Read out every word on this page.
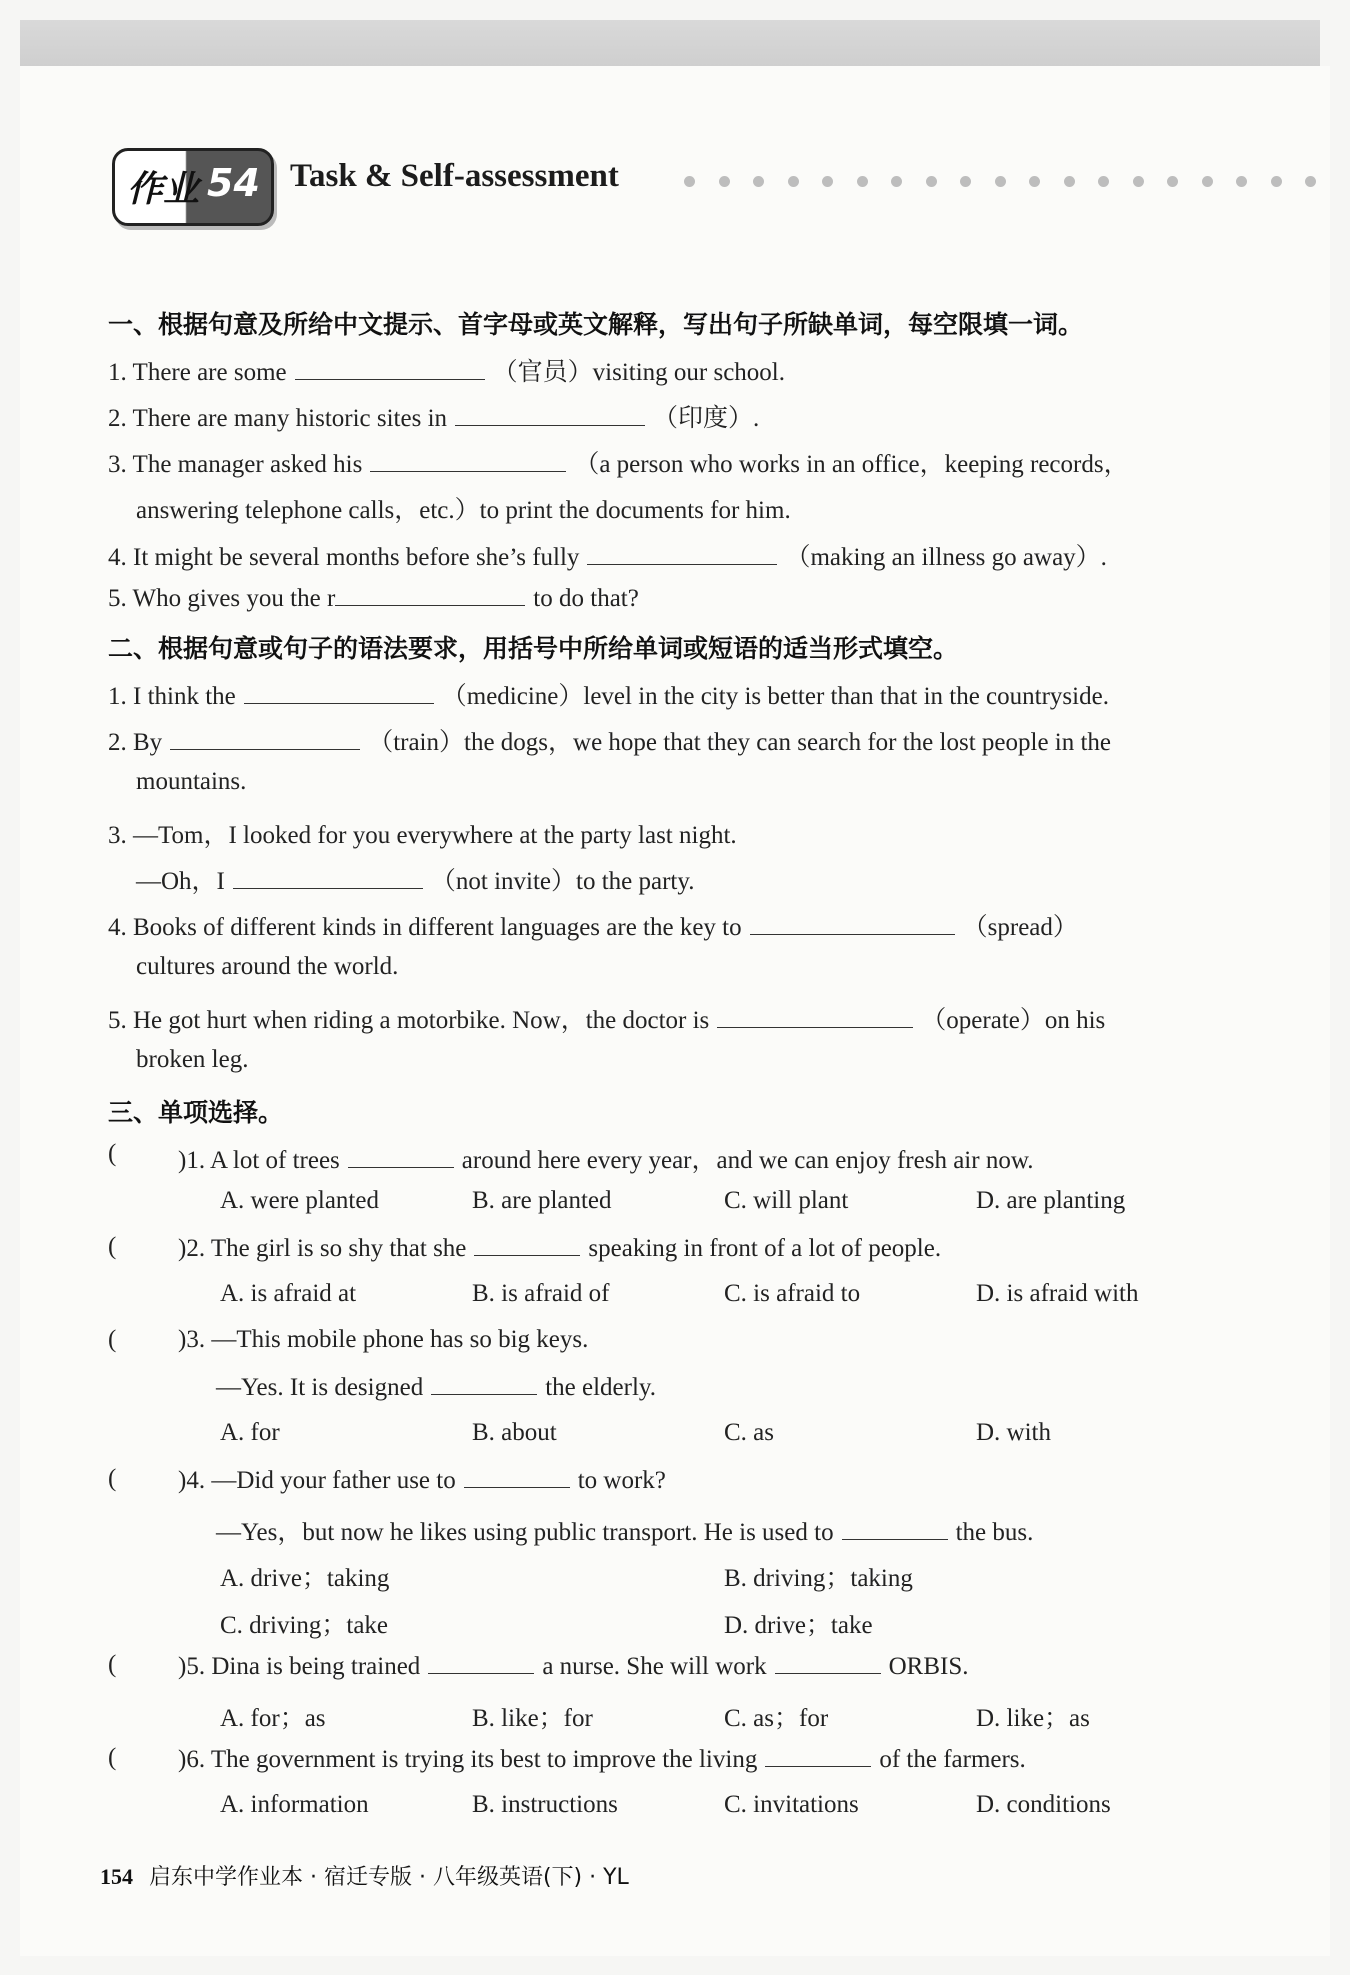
作业 54 Task & Self-assessment
一、根据句意及所给中文提示、首字母或英文解释，写出句子所缺单词，每空限填一词。
1. There are some	（官员）visiting our school.
2. There are many historic sites in	（印度）.
3. The manager asked his	（a person who works in an office，keeping records，
answering telephone calls，etc.）to print the documents for him.
4. It might be several months before she’s fully	（making an illness go away）.
5. Who gives you the r	to do that?
二、根据句意或句子的语法要求，用括号中所给单词或短语的适当形式填空。
1. I think the	（medicine）level in the city is better than that in the countryside.
2. By	（train）the dogs，we hope that they can search for the lost people in the
mountains.
3. —Tom，I looked for you everywhere at the party last night.
—Oh，I	（not invite）to the party.
4. Books of different kinds in different languages are the key to	（spread）
cultures around the world.
5. He got hurt when riding a motorbike. Now，the doctor is	（operate）on his
broken leg.
三、单项选择。
( )1. A lot of trees	around here every year，and we can enjoy fresh air now.
A. were planted	B. are planted	C. will plant	D. are planting
( )2. The girl is so shy that she	speaking in front of a lot of people.
A. is afraid at	B. is afraid of	C. is afraid to	D. is afraid with
( )3. —This mobile phone has so big keys.
—Yes. It is designed	the elderly.
A. for	B. about	C. as	D. with
( )4. —Did your father use to	to work?
—Yes，but now he likes using public transport. He is used to	the bus.
A. drive；taking	B. driving；taking
C. driving；take	D. drive；take
( )5. Dina is being trained	a nurse. She will work	ORBIS.
A. for；as	B. like；for	C. as；for	D. like；as
( )6. The government is trying its best to improve the living	of the farmers.
A. information	B. instructions	C. invitations	D. conditions
154 启东中学作业本 · 宿迁专版 · 八年级英语(下) · YL
